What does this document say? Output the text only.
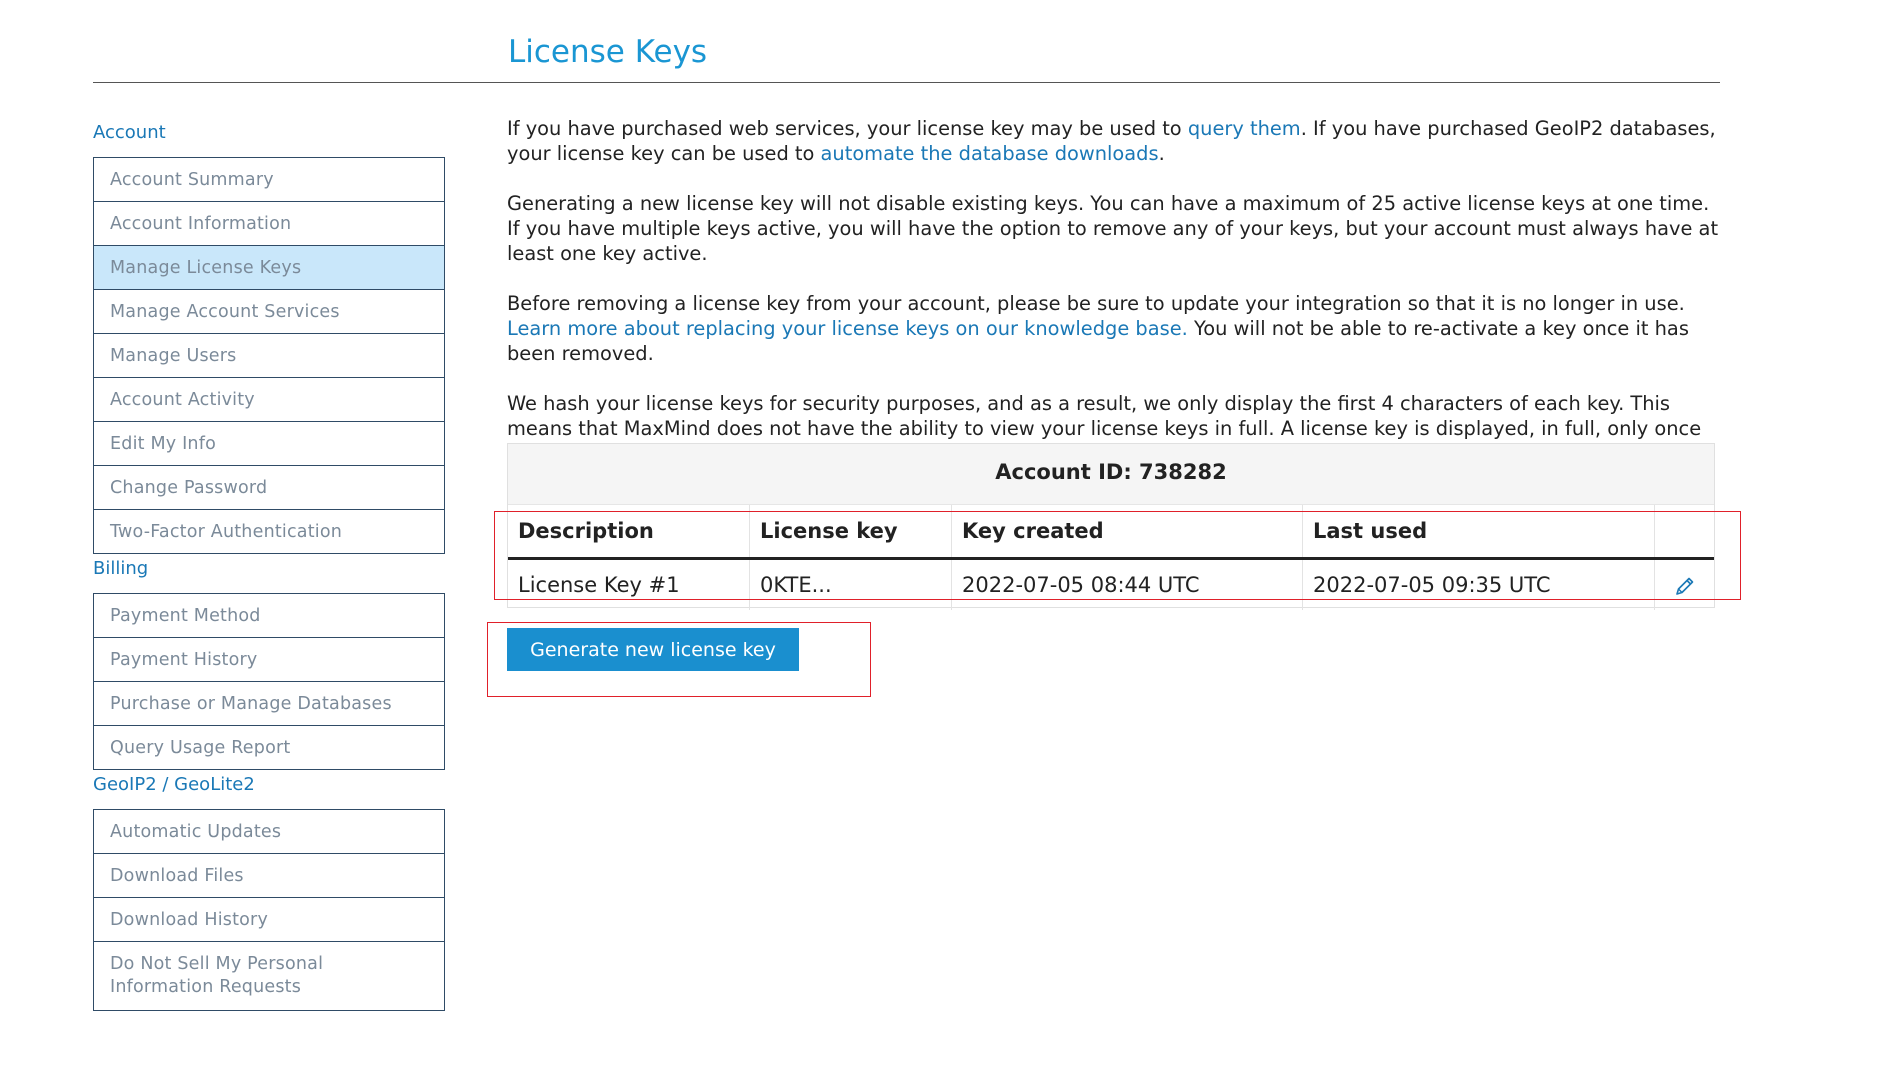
License Keys
Account
Account Summary
Account Information
Manage License Keys
Manage Account Services
Manage Users
Account Activity
Edit My Info
Change Password
Two-Factor Authentication
Billing
Payment Method
Payment History
Purchase or Manage Databases
Query Usage Report
GeoIP2 / GeoLite2
Automatic Updates
Download Files
Download History
Do Not Sell My Personal Information Requests

If you have purchased web services, your license key may be used to query them. If you have purchased GeoIP2 databases, your license key can be used to automate the database downloads.

Generating a new license key will not disable existing keys. You can have a maximum of 25 active license keys at one time. If you have multiple keys active, you will have the option to remove any of your keys, but your account must always have at least one key active.

Before removing a license key from your account, please be sure to update your integration so that it is no longer in use. Learn more about replacing your license keys on our knowledge base. You will not be able to re-activate a key once it has been removed.

We hash your license keys for security purposes, and as a result, we only display the first 4 characters of each key. This means that MaxMind does not have the ability to view your license keys in full. A license key is displayed, in full, only once

Account ID: 738282
Description	License key	Key created	Last used	
License Key #1	0KTE...	2022-07-05 08:44 UTC	2022-07-05 09:35 UTC	
Generate new license key
